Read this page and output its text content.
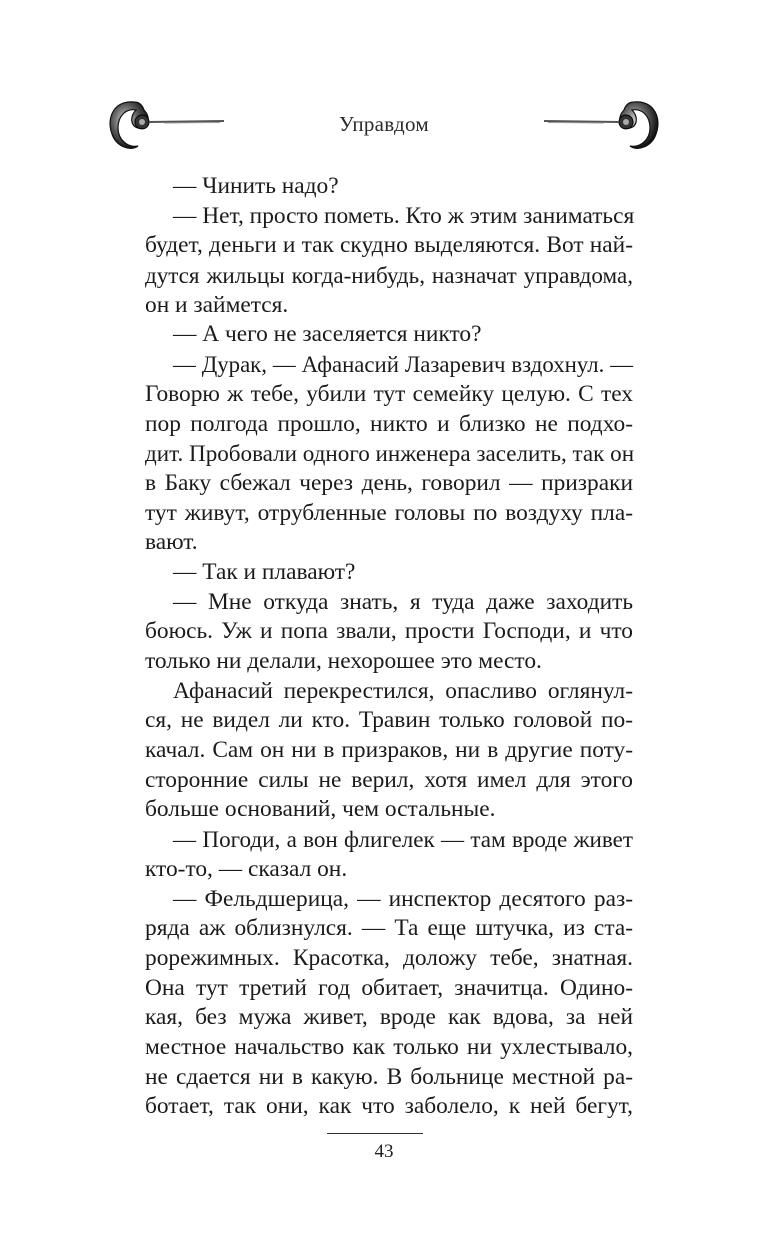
Управдом
— Чинить надо?
— Нет, просто пометь. Кто ж этим заниматься
будет, деньги и так скудно выделяются. Вот най-
дутся жильцы когда-нибудь, назначат управдома,
он и займется.
— А чего не заселяется никто?
— Дурак, — Афанасий Лазаревич вздохнул. —
Говорю ж тебе, убили тут семейку целую. С тех
пор полгода прошло, никто и близко не подхо-
дит. Пробовали одного инженера заселить, так он
в Баку сбежал через день, говорил — призраки
тут живут, отрубленные головы по воздуху пла-
вают.
— Так и плавают?
— Мне откуда знать, я туда даже заходить
боюсь. Уж и попа звали, прости Господи, и что
только ни делали, нехорошее это место.
Афанасий перекрестился, опасливо оглянул-
ся, не видел ли кто. Травин только головой по-
качал. Сам он ни в призраков, ни в другие поту-
сторонние силы не верил, хотя имел для этого
больше оснований, чем остальные.
— Погоди, а вон флигелек — там вроде живет
кто-то, — сказал он.
— Фельдшерица, — инспектор десятого раз-
ряда аж облизнулся. — Та еще штучка, из ста-
рорежимных. Красотка, доложу тебе, знатная.
Она тут третий год обитает, значитца. Одино-
кая, без мужа живет, вроде как вдова, за ней
местное начальство как только ни ухлестывало,
не сдается ни в какую. В больнице местной ра-
ботает, так они, как что заболело, к ней бегут,
43
